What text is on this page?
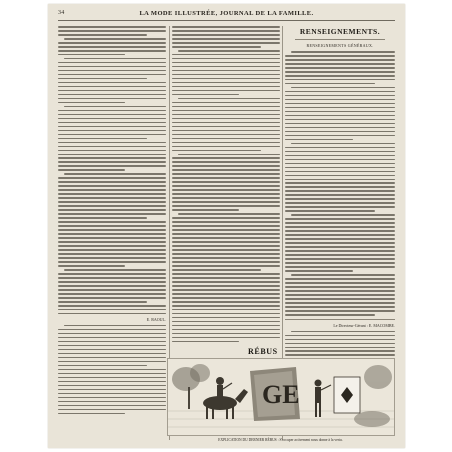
34	LA MODE ILLUSTRÉE, JOURNAL DE LA FAMILLE.
E. RAOUL.
RENSEIGNEMENTS.
RENSEIGNEMENTS GÉNÉRAUX.
Le Directeur-Gérant : E. MACOMBE.
RÉBUS
GE
EXPLICATION DU DERNIER RÉBUS : S'occuper activement nous donne à la vertu.
